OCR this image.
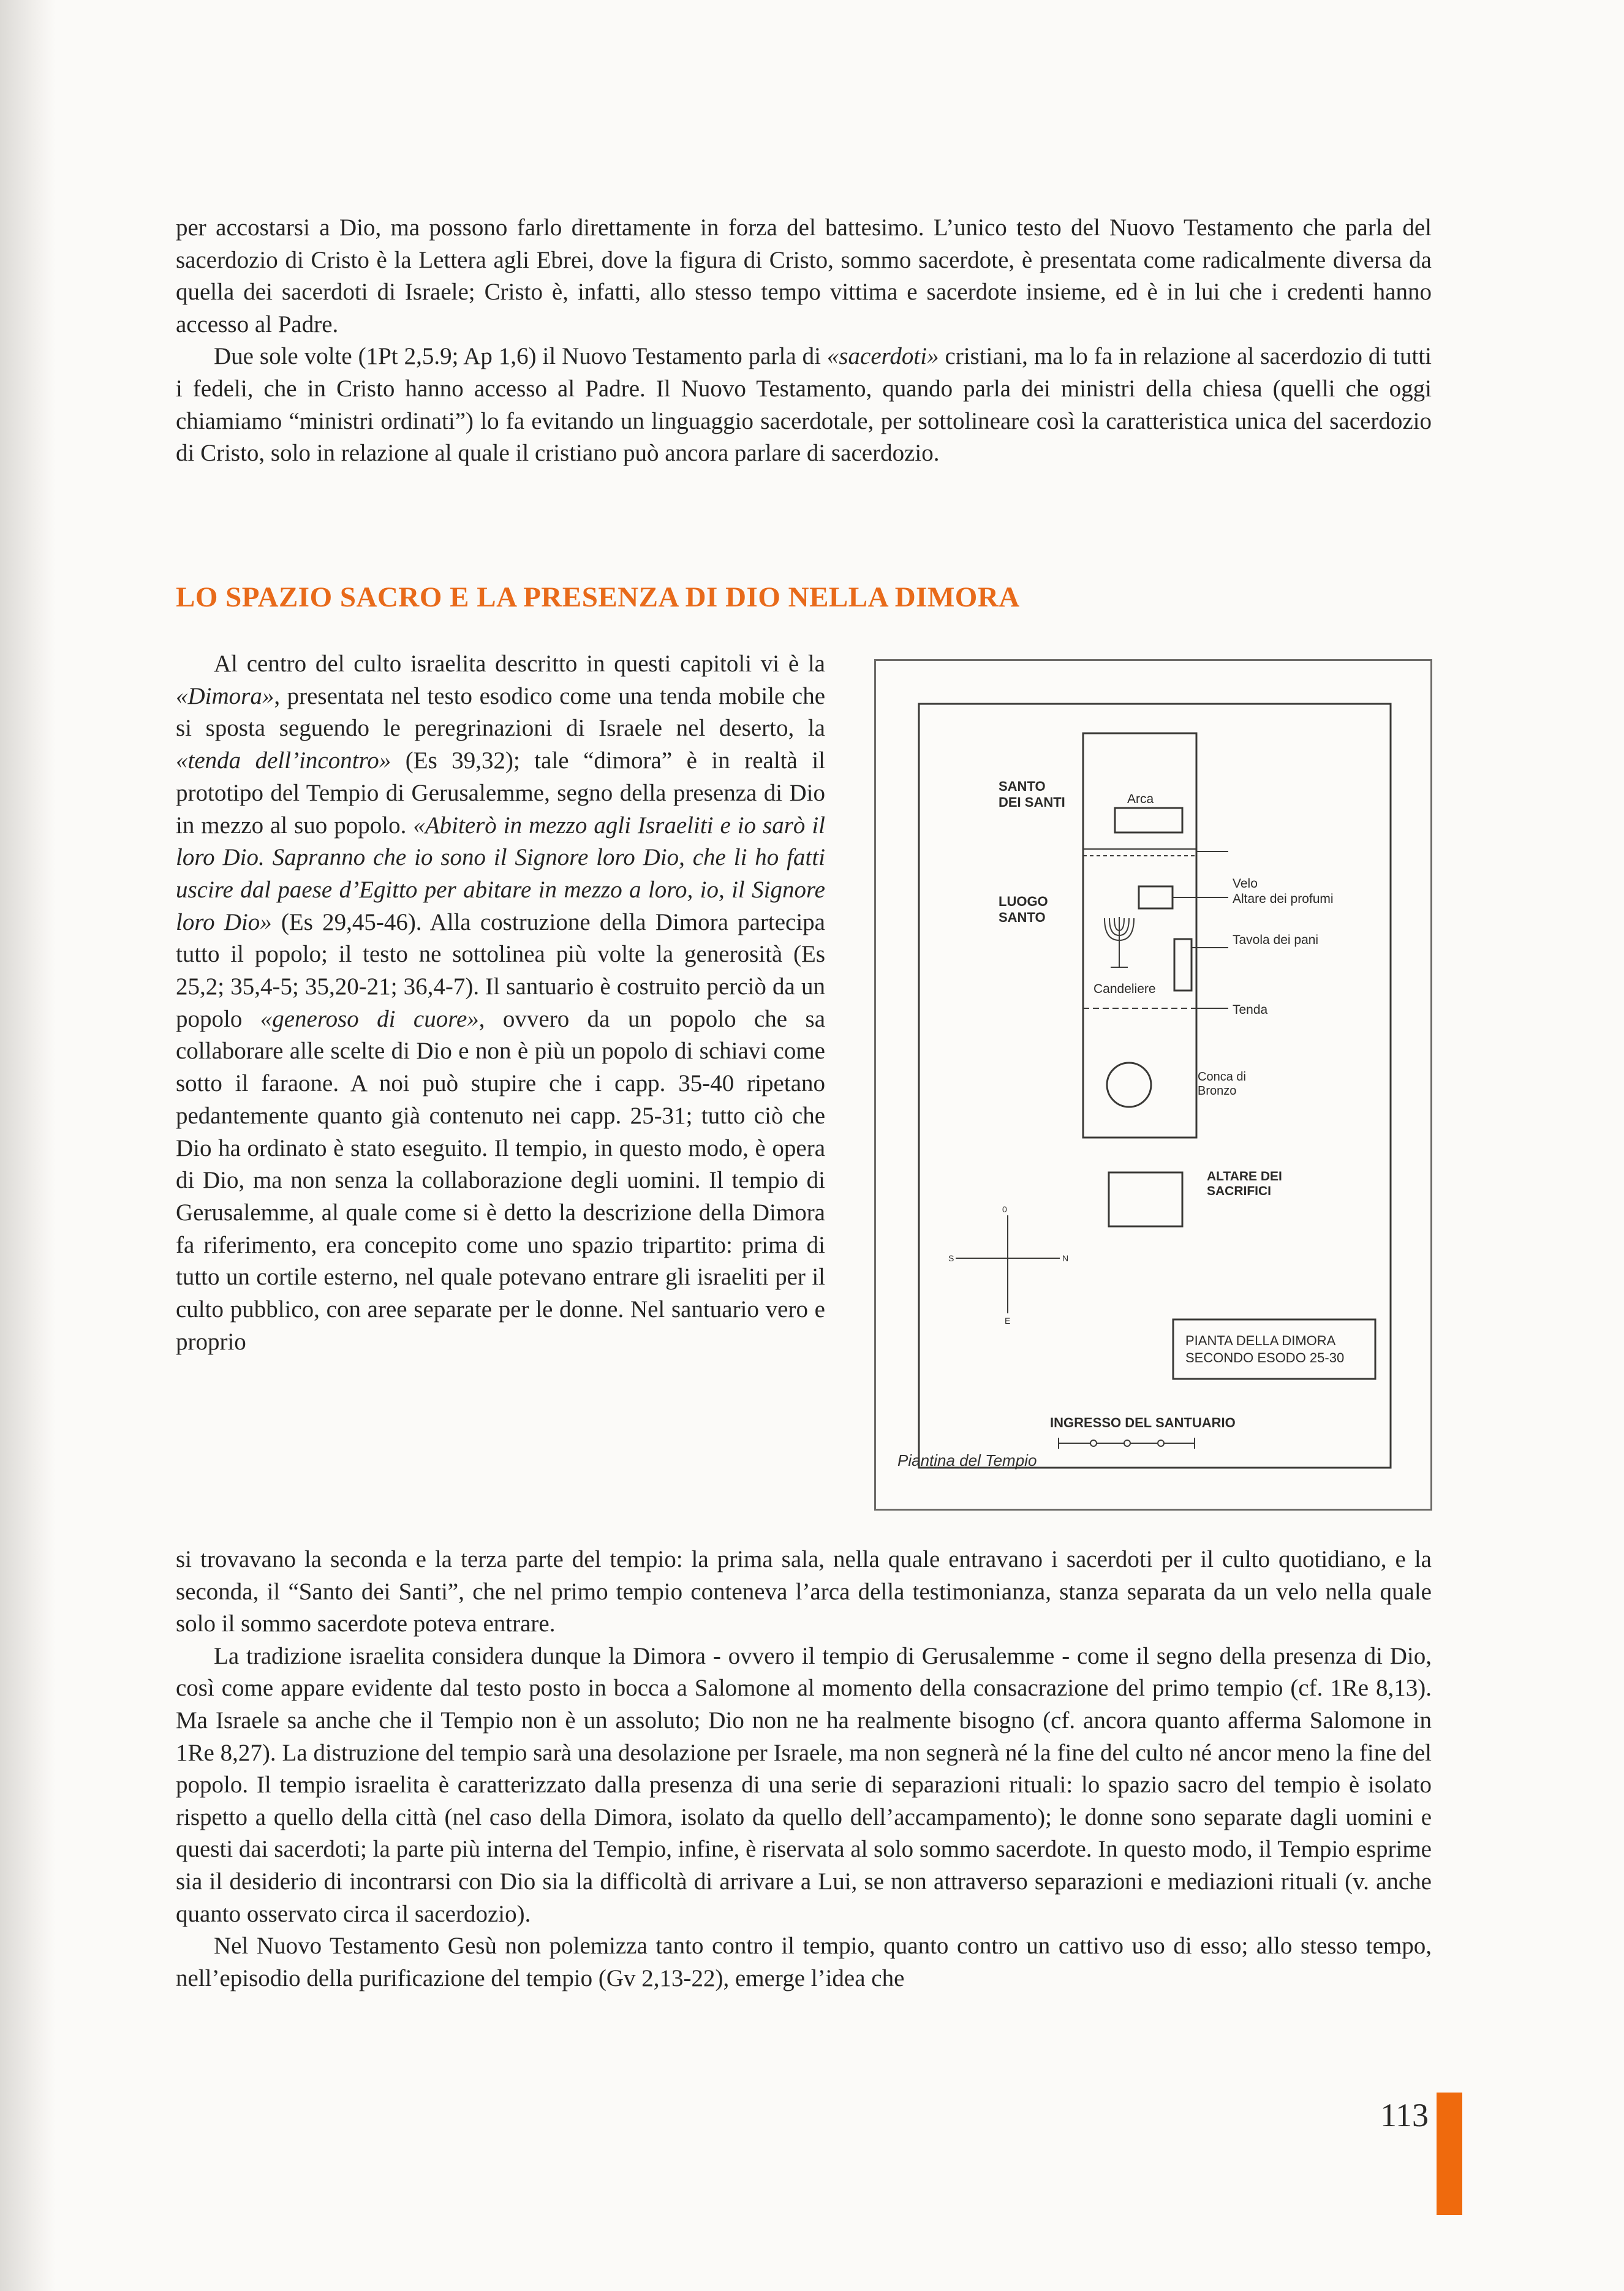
per accostarsi a Dio, ma possono farlo direttamente in forza del battesimo. L’unico testo del Nuovo Testamento che parla del sacerdozio di Cristo è la Lettera agli Ebrei, dove la figura di Cristo, sommo sacerdote, è presentata come radicalmente diversa da quella dei sacerdoti di Israele; Cristo è, infatti, allo stesso tempo vittima e sacerdote insieme, ed è in lui che i credenti hanno accesso al Padre.

Due sole volte (1Pt 2,5.9; Ap 1,6) il Nuovo Testamento parla di «sacerdoti» cristiani, ma lo fa in relazione al sacerdozio di tutti i fedeli, che in Cristo hanno accesso al Padre. Il Nuovo Testamento, quando parla dei ministri della chiesa (quelli che oggi chiamiamo “ministri ordinati”) lo fa evitando un linguaggio sacerdotale, per sottolineare così la caratteristica unica del sacerdozio di Cristo, solo in relazione al quale il cristiano può ancora parlare di sacerdozio.

LO SPAZIO SACRO E LA PRESENZA DI DIO NELLA DIMORA

Al centro del culto israelita descritto in questi capitoli vi è la «Dimora», presentata nel testo esodico come una tenda mobile che si sposta seguendo le peregrinazioni di Israele nel deserto, la «tenda dell’incontro» (Es 39,32); tale “dimora” è in realtà il prototipo del Tempio di Gerusalemme, segno della presenza di Dio in mezzo al suo popolo. «Abiterò in mezzo agli Israeliti e io sarò il loro Dio. Sapranno che io sono il Signore loro Dio, che li ho fatti uscire dal paese d’Egitto per abitare in mezzo a loro, io, il Signore loro Dio» (Es 29,45-46). Alla costruzione della Dimora partecipa tutto il popolo; il testo ne sottolinea più volte la generosità (Es 25,2; 35,4-5; 35,20-21; 36,4-7). Il santuario è costruito perciò da un popolo «generoso di cuore», ovvero da un popolo che sa collaborare alle scelte di Dio e non è più un popolo di schiavi come sotto il faraone. A noi può stupire che i capp. 35-40 ripetano pedantemente quanto già contenuto nei capp. 25-31; tutto ciò che Dio ha ordinato è stato eseguito. Il tempio, in questo modo, è opera di Dio, ma non senza la collaborazione degli uomini. Il tempio di Gerusalemme, al quale come si è detto la descrizione della Dimora fa riferimento, era concepito come uno spazio tripartito: prima di tutto un cortile esterno, nel quale potevano entrare gli israeliti per il culto pubblico, con aree separate per le donne. Nel santuario vero e proprio

SANTO
DEI SANTI	Arca
LUOGO
SANTO
Velo
Altare dei profumi
Tavola dei pani
Candeliere
Tenda
Conca di
Bronzo
ALTARE DEI
SACRIFICI
0
E
S	N
PIANTA DELLA DIMORA
SECONDO ESODO 25-30
INGRESSO DEL SANTUARIO
Piantina del Tempio

si trovavano la seconda e la terza parte del tempio: la prima sala, nella quale entravano i sacerdoti per il culto quotidiano, e la seconda, il “Santo dei Santi”, che nel primo tempio conteneva l’arca della testimonianza, stanza separata da un velo nella quale solo il sommo sacerdote poteva entrare.

La tradizione israelita considera dunque la Dimora - ovvero il tempio di Gerusalemme - come il segno della presenza di Dio, così come appare evidente dal testo posto in bocca a Salomone al momento della consacrazione del primo tempio (cf. 1Re 8,13). Ma Israele sa anche che il Tempio non è un assoluto; Dio non ne ha realmente bisogno (cf. ancora quanto afferma Salomone in 1Re 8,27). La distruzione del tempio sarà una desolazione per Israele, ma non segnerà né la fine del culto né ancor meno la fine del popolo. Il tempio israelita è caratterizzato dalla presenza di una serie di separazioni rituali: lo spazio sacro del tempio è isolato rispetto a quello della città (nel caso della Dimora, isolato da quello dell’accampamento); le donne sono separate dagli uomini e questi dai sacerdoti; la parte più interna del Tempio, infine, è riservata al solo sommo sacerdote. In questo modo, il Tempio esprime sia il desiderio di incontrarsi con Dio sia la difficoltà di arrivare a Lui, se non attraverso separazioni e mediazioni rituali (v. anche quanto osservato circa il sacerdozio).

Nel Nuovo Testamento Gesù non polemizza tanto contro il tempio, quanto contro un cattivo uso di esso; allo stesso tempo, nell’episodio della purificazione del tempio (Gv 2,13-22), emerge l’idea che

113
